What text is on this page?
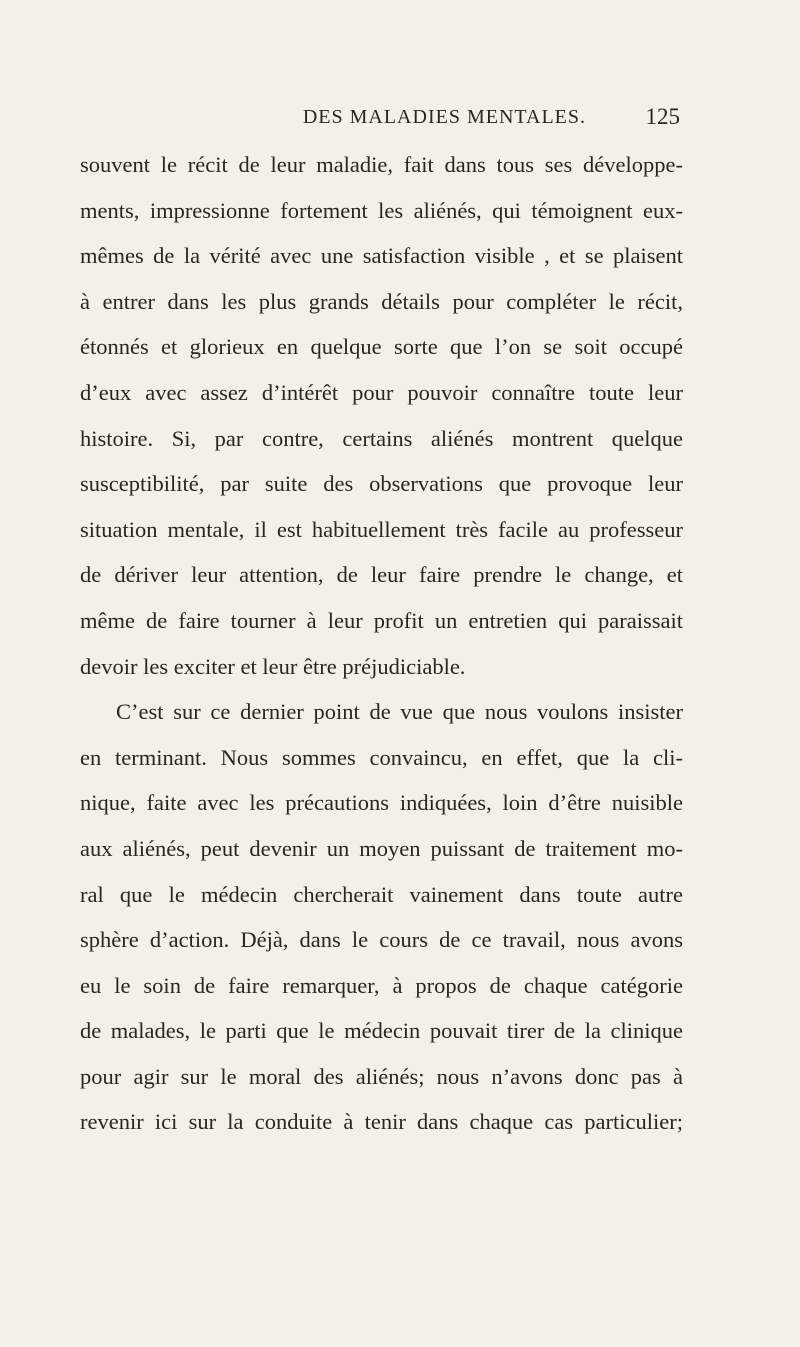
DES MALADIES MENTALES.	125
souvent le récit de leur maladie, fait dans tous ses développe-
ments, impressionne fortement les aliénés, qui témoignent eux-
mêmes de la vérité avec une satisfaction visible , et se plaisent
à entrer dans les plus grands détails pour compléter le récit,
étonnés et glorieux en quelque sorte que l’on se soit occupé
d’eux avec assez d’intérêt pour pouvoir connaître toute leur
histoire. Si, par contre, certains aliénés montrent quelque
susceptibilité, par suite des observations que provoque leur
situation mentale, il est habituellement très facile au professeur
de dériver leur attention, de leur faire prendre le change, et
même de faire tourner à leur profit un entretien qui paraissait
devoir les exciter et leur être préjudiciable.
C’est sur ce dernier point de vue que nous voulons insister
en terminant. Nous sommes convaincu, en effet, que la cli-
nique, faite avec les précautions indiquées, loin d’être nuisible
aux aliénés, peut devenir un moyen puissant de traitement mo-
ral que le médecin chercherait vainement dans toute autre
sphère d’action. Déjà, dans le cours de ce travail, nous avons
eu le soin de faire remarquer, à propos de chaque catégorie
de malades, le parti que le médecin pouvait tirer de la clinique
pour agir sur le moral des aliénés; nous n’avons donc pas à
revenir ici sur la conduite à tenir dans chaque cas particulier;
